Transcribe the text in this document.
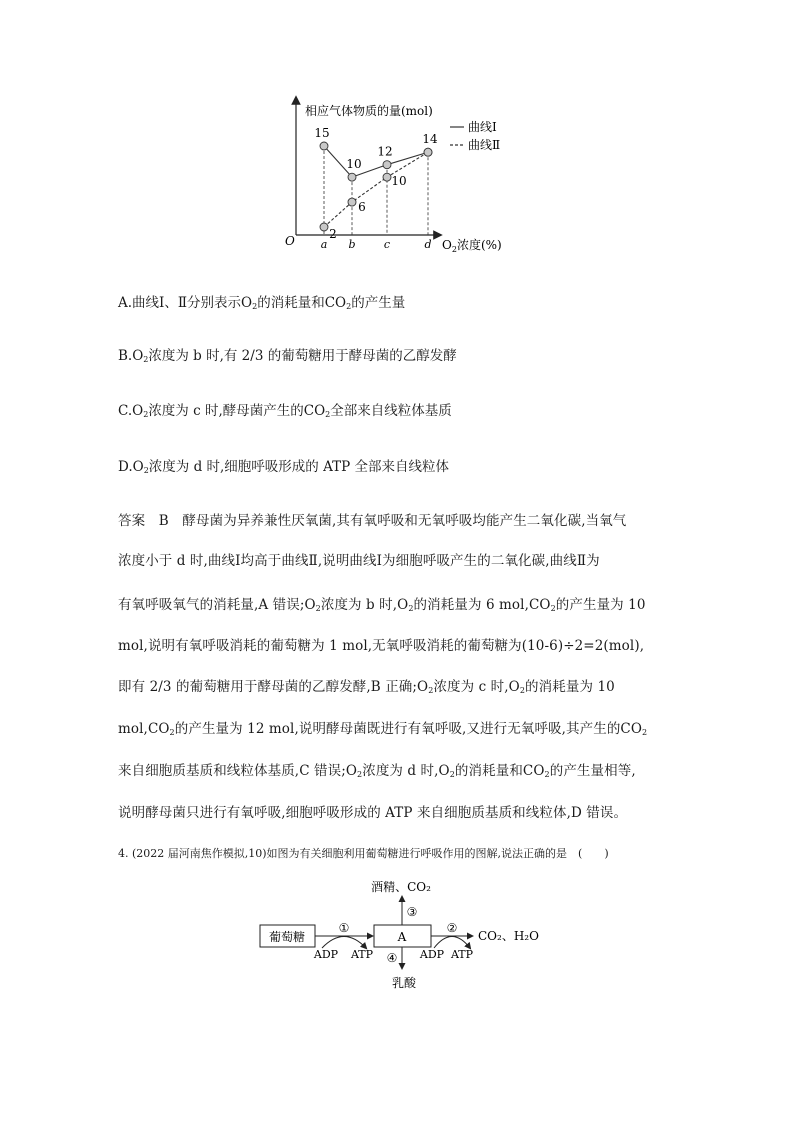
相应气体物质的量(mol)
O	$O_2$浓度(%)
曲线Ⅰ
曲线Ⅱ
a b	c	d
15
10
12
14
2
6
10
A.曲线Ⅰ、Ⅱ分别表示$O_2$的消耗量和$CO_2$的产生量
$B.O_2$浓度为 b 时,有 2/3 的葡萄糖用于酵母菌的乙醇发酵
$C.O_2$浓度为 c 时,酵母菌产生的$CO_2$全部来自线粒体基质
$D.O_2$浓度为 d 时,细胞呼吸形成的 ATP 全部来自线粒体
答案　B　酵母菌为异养兼性厌氧菌,其有氧呼吸和无氧呼吸均能产生二氧化碳,当氧气
浓度小于 d 时,曲线Ⅰ均高于曲线Ⅱ,说明曲线Ⅰ为细胞呼吸产生的二氧化碳,曲线Ⅱ为
有氧呼吸氧气的消耗量,A 错误$;O_2$浓度为 b 时$,O_2$的消耗量为 6 $mol,CO_2$的产生量为 10
mol,说明有氧呼吸消耗的葡萄糖为 1 mol,无氧呼吸消耗的葡萄糖为(10-6)÷2=2(mol),
即有 2/3 的葡萄糖用于酵母菌的乙醇发酵,B 正确$;O_2$浓度为 c 时$,O_2$的消耗量为 10
$mol,CO_2$的产生量为 12 mol,说明酵母菌既进行有氧呼吸,又进行无氧呼吸,其产生的$CO_2$
来自细胞质基质和线粒体基质,C 错误$;O_2$浓度为 d 时$,O_2$的消耗量和$CO_2$的产生量相等,
说明酵母菌只进行有氧呼吸,细胞呼吸形成的 ATP 来自细胞质基质和线粒体,D 错误。
4. (2022 届河南焦作模拟,10)如图为有关细胞利用葡萄糖进行呼吸作用的图解,说法正确的是　(　　)
葡萄糖	A
①
ADP ATP
②
ADP ATP
CO₂、H₂O
③
酒精、CO₂
④
乳酸
